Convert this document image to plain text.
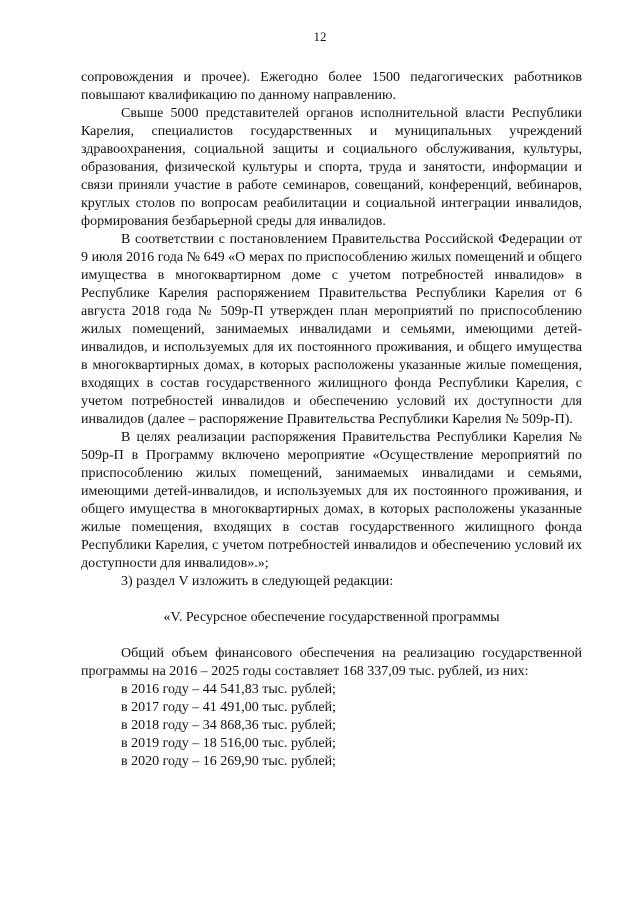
12

сопровождения и прочее). Ежегодно более 1500 педагогических работников повышают квалификацию по данному направлению.

Свыше 5000 представителей органов исполнительной власти Республики Карелия, специалистов государственных и муниципальных учреждений здравоохранения, социальной защиты и социального обслуживания, культуры, образования, физической культуры и спорта, труда и занятости, информации и связи приняли участие в работе семинаров, совещаний, конференций, вебинаров, круглых столов по вопросам реабилитации и социальной интеграции инвалидов, формирования безбарьерной среды для инвалидов.

В соответствии с постановлением Правительства Российской Федерации от 9 июля 2016 года № 649 «О мерах по приспособлению жилых помещений и общего имущества в многоквартирном доме с учетом потребностей инвалидов» в Республике Карелия распоряжением Правительства Республики Карелия от 6 августа 2018 года № 509р-П утвержден план мероприятий по приспособлению жилых помещений, занимаемых инвалидами и семьями, имеющими детей-инвалидов, и используемых для их постоянного проживания, и общего имущества в многоквартирных домах, в которых расположены указанные жилые помещения, входящих в состав государственного жилищного фонда Республики Карелия, с учетом потребностей инвалидов и обеспечению условий их доступности для инвалидов (далее – распоряжение Правительства Республики Карелия № 509р-П).

В целях реализации распоряжения Правительства Республики Карелия № 509р-П в Программу включено мероприятие «Осуществление мероприятий по приспособлению жилых помещений, занимаемых инвалидами и семьями, имеющими детей-инвалидов, и используемых для их постоянного проживания, и общего имущества в многоквартирных домах, в которых расположены указанные жилые помещения, входящих в состав государственного жилищного фонда Республики Карелия, с учетом потребностей инвалидов и обеспечению условий их доступности для инвалидов».»;

3) раздел V изложить в следующей редакции:

«V. Ресурсное обеспечение государственной программы

Общий объем финансового обеспечения на реализацию государственной программы на 2016 – 2025 годы составляет 168 337,09 тыс. рублей, из них:

в 2016 году – 44 541,83 тыс. рублей;

в 2017 году – 41 491,00 тыс. рублей;

в 2018 году – 34 868,36 тыс. рублей;

в 2019 году – 18 516,00 тыс. рублей;

в 2020 году – 16 269,90 тыс. рублей;
